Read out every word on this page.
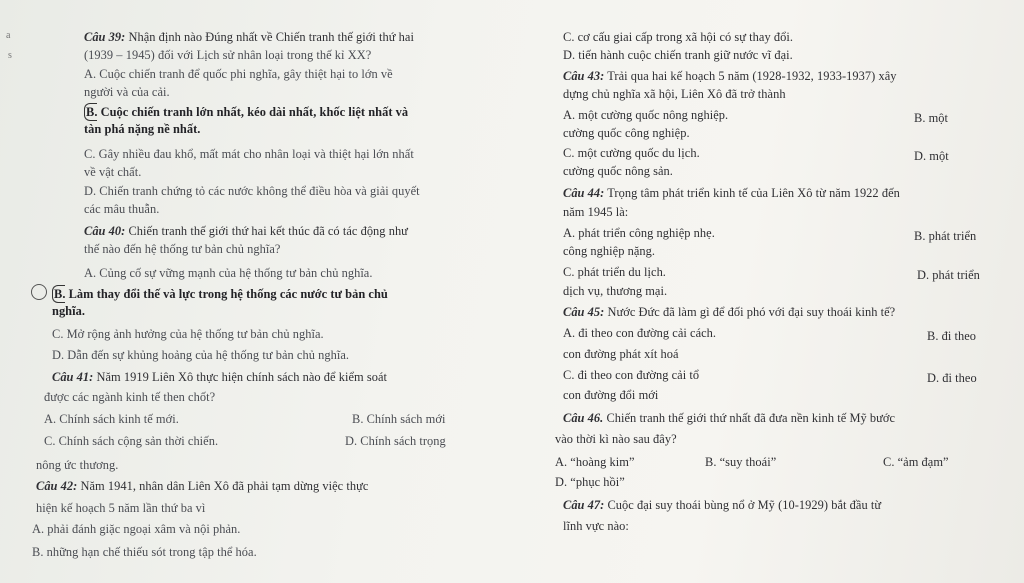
a
s
Câu 39: Nhận định nào Đúng nhất về Chiến tranh thế giới thứ hai
(1939 – 1945) đối với Lịch sử nhân loại trong thế kỉ XX?
A. Cuộc chiến tranh để quốc phi nghĩa, gây thiệt hại to lớn về
người và của cải.
B. Cuộc chiến tranh lớn nhất, kéo dài nhất, khốc liệt nhất và
tàn phá nặng nề nhất.
C. Gây nhiều đau khổ, mất mát cho nhân loại và thiệt hại lớn nhất
về vật chất.
D. Chiến tranh chứng tỏ các nước không thể điều hòa và giải quyết
các mâu thuẫn.
Câu 40: Chiến tranh thế giới thứ hai kết thúc đã có tác động như
thế nào đến hệ thống tư bản chủ nghĩa?
A. Củng cố sự vững mạnh của hệ thống tư bản chủ nghĩa.
B. Làm thay đổi thế và lực trong hệ thống các nước tư bản chủ
nghĩa.
C. Mở rộng ảnh hưởng của hệ thống tư bản chủ nghĩa.
D. Dẫn đến sự khủng hoảng của hệ thống tư bản chủ nghĩa.
Câu 41: Năm 1919 Liên Xô thực hiện chính sách nào để kiểm soát
được các ngành kinh tế then chốt?
A. Chính sách kinh tế mới.	B. Chính sách mới
C. Chính sách cộng sản thời chiến.	D. Chính sách trọng
nông ức thương.
Câu 42: Năm 1941, nhân dân Liên Xô đã phải tạm dừng việc thực
hiện kế hoạch 5 năm lần thứ ba vì
A. phải đánh giặc ngoại xâm và nội phản.
B. những hạn chế thiếu sót trong tập thể hóa.
C. cơ cấu giai cấp trong xã hội có sự thay đổi.
D. tiến hành cuộc chiến tranh giữ nước vĩ đại.
Câu 43: Trải qua hai kế hoạch 5 năm (1928-1932, 1933-1937) xây
dựng chủ nghĩa xã hội, Liên Xô đã trở thành
A. một cường quốc nông nghiệp.	B. một
cường quốc công nghiệp.
C. một cường quốc du lịch.	D. một
cường quốc nông sản.
Câu 44: Trọng tâm phát triển kinh tế của Liên Xô từ năm 1922 đến
năm 1945 là:
A. phát triển công nghiệp nhẹ.	B. phát triển
công nghiệp nặng.
C. phát triển du lịch.	D. phát triển
dịch vụ, thương mại.
Câu 45: Nước Đức đã làm gì để đối phó với đại suy thoái kinh tế?
A. đi theo con đường cải cách.	B. đi theo
con đường phát xít hoá
C. đi theo con đường cải tổ	D. đi theo
con đường đổi mới
Câu 46. Chiến tranh thế giới thứ nhất đã đưa nền kinh tế Mỹ bước
vào thời kì nào sau đây?
A. “hoàng kim”	B. “suy thoái”	C. “ảm đạm”
D. “phục hồi”
Câu 47: Cuộc đại suy thoái bùng nổ ở Mỹ (10-1929) bắt đầu từ
lĩnh vực nào:
